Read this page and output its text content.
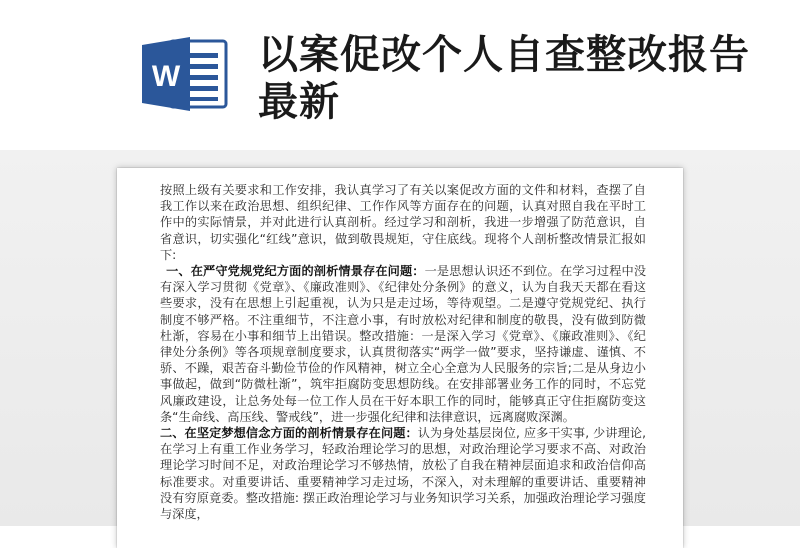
W 以案促改个人自查整改报告最新

按照上级有关要求和工作安排，我认真学习了有关以案促改方面的文件和材料，查摆了自我工作以来在政治思想、组织纪律、工作作风等方面存在的问题，认真对照自我在平时工作中的实际情景，并对此进行认真剖析。经过学习和剖析，我进一步增强了防范意识，自省意识，切实强化“红线”意识，做到敬畏规矩，守住底线。现将个人剖析整改情景汇报如下:

一、在严守党规党纪方面的剖析情景存在问题：一是思想认识还不到位。在学习过程中没有深入学习贯彻《党章》、《廉政准则》、《纪律处分条例》的意义，认为自我天天都在看这些要求，没有在思想上引起重视，认为只是走过场，等待观望。二是遵守党规党纪、执行制度不够严格。不注重细节，不注意小事，有时放松对纪律和制度的敬畏，没有做到防微杜渐，容易在小事和细节上出错误。整改措施：一是深入学习《党章》、《廉政准则》、《纪律处分条例》等各项规章制度要求，认真贯彻落实“两学一做”要求，坚持谦虚、谨慎、不骄、不躁，艰苦奋斗勤俭节俭的作风精神，树立全心全意为人民服务的宗旨;二是从身边小事做起，做到“防微杜渐”，筑牢拒腐防变思想防线。在安排部署业务工作的同时，不忘党风廉政建设，让总务处每一位工作人员在干好本职工作的同时，能够真正守住拒腐防变这条“生命线、高压线、警戒线”，进一步强化纪律和法律意识，远离腐败深渊。

二、在坚定梦想信念方面的剖析情景存在问题：认为身处基层岗位, 应多干实事, 少讲理论, 在学习上有重工作业务学习，轻政治理论学习的思想，对政治理论学习要求不高、对政治理论学习时间不足，对政治理论学习不够热情，放松了自我在精神层面追求和政治信仰高标准要求。对重要讲话、重要精神学习走过场，不深入，对未理解的重要讲话、重要精神没有穷原竟委。整改措施: 摆正政治理论学习与业务知识学习关系，加强政治理论学习强度与深度，
